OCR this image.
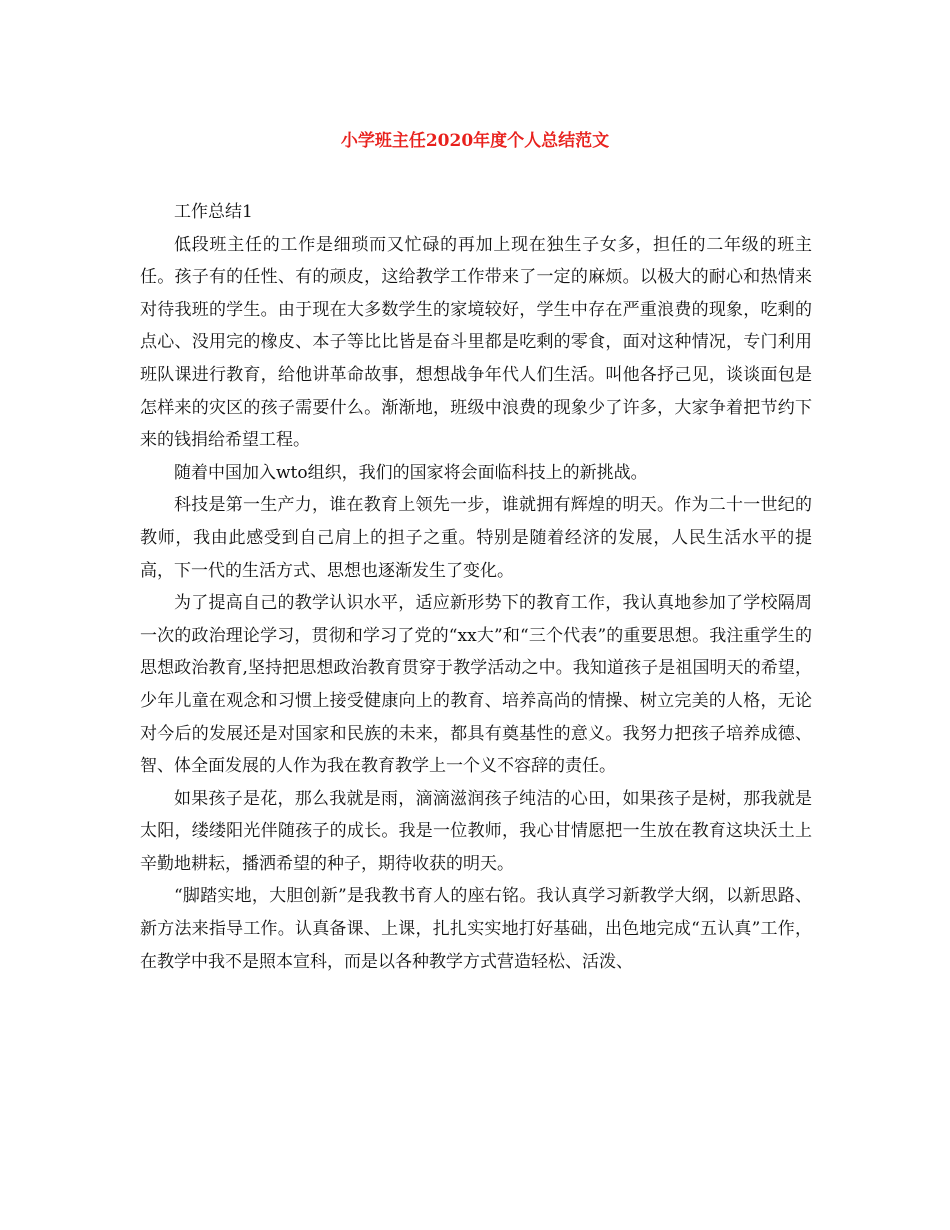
小学班主任2020年度个人总结范文

工作总结1

低段班主任的工作是细琐而又忙碌的再加上现在独生子女多，担任的二年级的班主任。孩子有的任性、有的顽皮，这给教学工作带来了一定的麻烦。以极大的耐心和热情来对待我班的学生。由于现在大多数学生的家境较好，学生中存在严重浪费的现象，吃剩的点心、没用完的橡皮、本子等比比皆是奋斗里都是吃剩的零食，面对这种情况，专门利用班队课进行教育，给他讲革命故事，想想战争年代人们生活。叫他各抒己见，谈谈面包是怎样来的灾区的孩子需要什么。渐渐地，班级中浪费的现象少了许多，大家争着把节约下来的钱捐给希望工程。

随着中国加入wto组织，我们的国家将会面临科技上的新挑战。

科技是第一生产力，谁在教育上领先一步，谁就拥有辉煌的明天。作为二十一世纪的教师，我由此感受到自己肩上的担子之重。特别是随着经济的发展，人民生活水平的提高，下一代的生活方式、思想也逐渐发生了变化。

为了提高自己的教学认识水平，适应新形势下的教育工作，我认真地参加了学校隔周一次的政治理论学习，贯彻和学习了党的“xx大”和“三个代表”的重要思想。我注重学生的思想政治教育,坚持把思想政治教育贯穿于教学活动之中。我知道孩子是祖国明天的希望，少年儿童在观念和习惯上接受健康向上的教育、培养高尚的情操、树立完美的人格，无论对今后的发展还是对国家和民族的未来，都具有奠基性的意义。我努力把孩子培养成德、智、体全面发展的人作为我在教育教学上一个义不容辞的责任。

如果孩子是花，那么我就是雨，滴滴滋润孩子纯洁的心田，如果孩子是树，那我就是太阳，缕缕阳光伴随孩子的成长。我是一位教师，我心甘情愿把一生放在教育这块沃土上辛勤地耕耘，播洒希望的种子，期待收获的明天。

“脚踏实地，大胆创新”是我教书育人的座右铭。我认真学习新教学大纲，以新思路、新方法来指导工作。认真备课、上课，扎扎实实地打好基础，出色地完成“五认真”工作，在教学中我不是照本宣科，而是以各种教学方式营造轻松、活泼、
